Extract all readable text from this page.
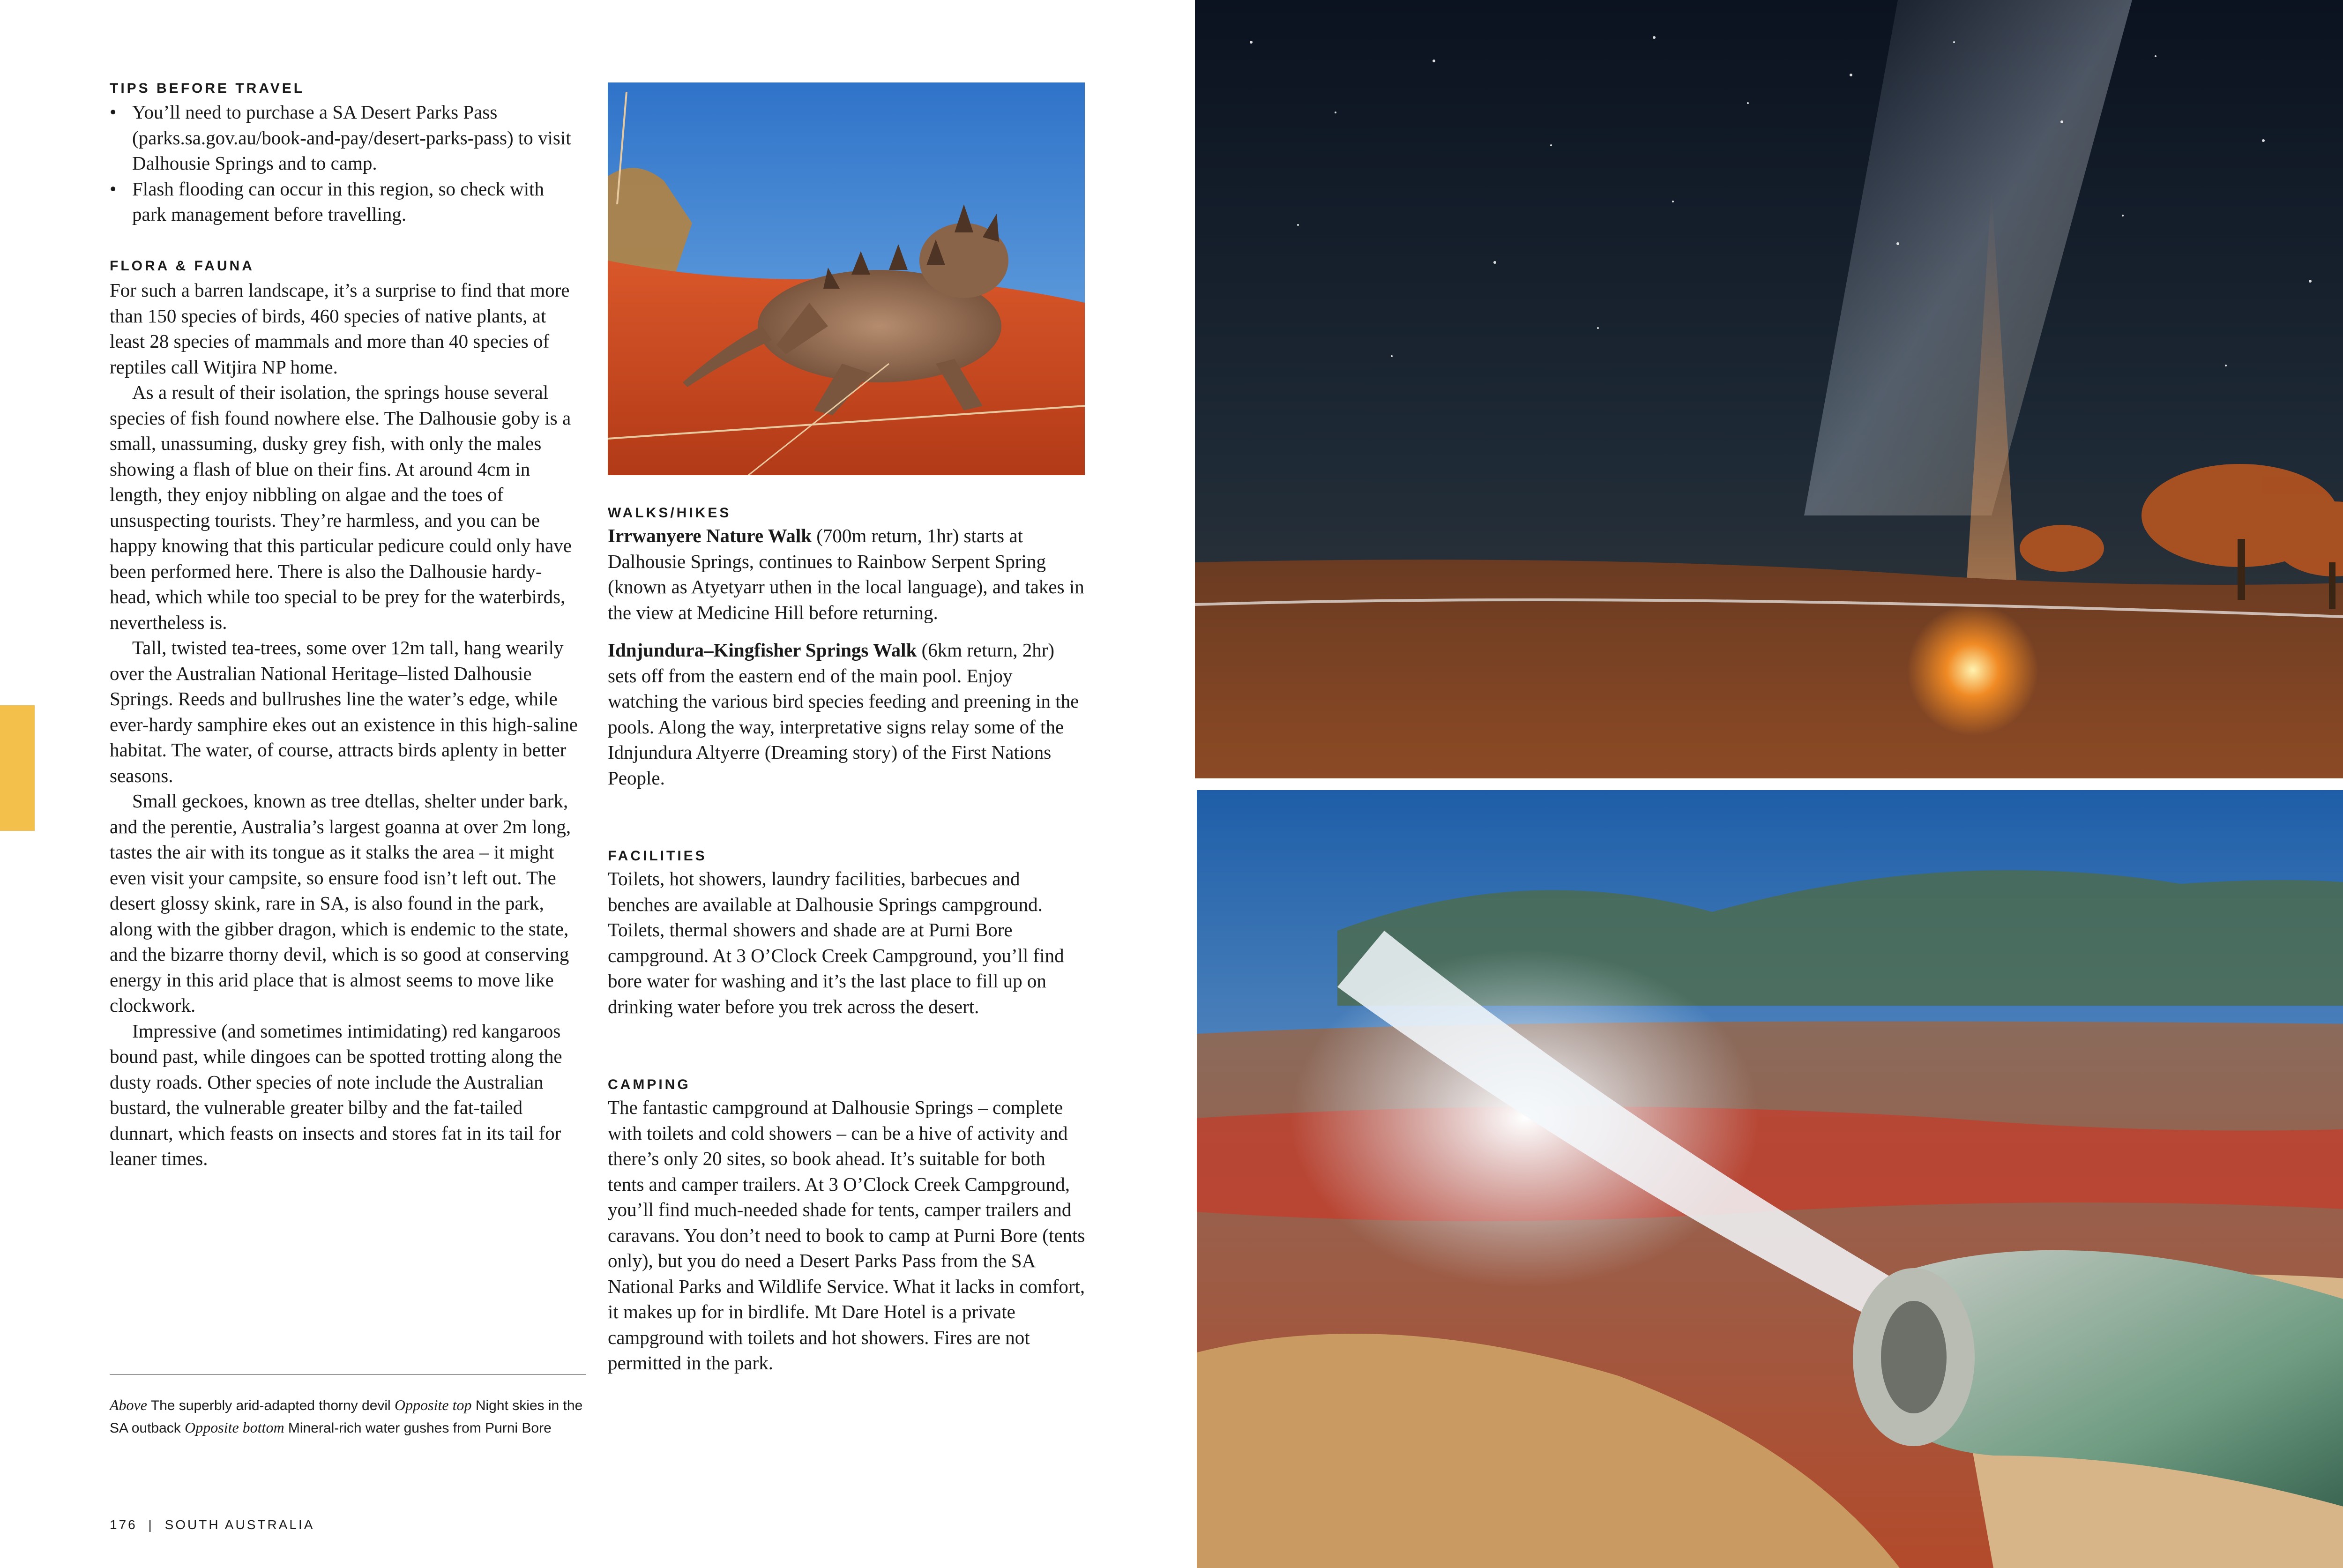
TIPS BEFORE TRAVEL

• You’ll need to purchase a SA Desert Parks Pass (parks.sa.gov.au/book-and-pay/desert-parks-pass) to visit Dalhousie Springs and to camp.

• Flash flooding can occur in this region, so check with park management before travelling.

FLORA & FAUNA

For such a barren landscape, it’s a surprise to find that more than 150 species of birds, 460 species of native plants, at least 28 species of mammals and more than 40 species of reptiles call Witjira NP home.

As a result of their isolation, the springs house several species of fish found nowhere else. The Dalhousie goby is a small, unassuming, dusky grey fish, with only the males showing a flash of blue on their fins. At around 4cm in length, they enjoy nibbling on algae and the toes of unsuspecting tourists. They’re harmless, and you can be happy knowing that this particular pedicure could only have been performed here. There is also the Dalhousie hardy-head, which while too special to be prey for the waterbirds, nevertheless is.

Tall, twisted tea-trees, some over 12m tall, hang wearily over the Australian National Heritage–listed Dalhousie Springs. Reeds and bullrushes line the water’s edge, while ever-hardy samphire ekes out an existence in this high-saline habitat. The water, of course, attracts birds aplenty in better seasons.

Small geckoes, known as tree dtellas, shelter under bark, and the perentie, Australia’s largest goanna at over 2m long, tastes the air with its tongue as it stalks the area – it might even visit your campsite, so ensure food isn’t left out. The desert glossy skink, rare in SA, is also found in the park, along with the gibber dragon, which is endemic to the state, and the bizarre thorny devil, which is so good at conserving energy in this arid place that is almost seems to move like clockwork.

Impressive (and sometimes intimidating) red kangaroos bound past, while dingoes can be spotted trotting along the dusty roads. Other species of note include the Australian bustard, the vulnerable greater bilby and the fat-tailed dunnart, which feasts on insects and stores fat in its tail for leaner times.

Above The superbly arid-adapted thorny devil Opposite top Night skies in the SA outback Opposite bottom Mineral-rich water gushes from Purni Bore
176 | SOUTH AUSTRALIA
WALKS/HIKES

Irrwanyere Nature Walk (700m return, 1hr) starts at Dalhousie Springs, continues to Rainbow Serpent Spring (known as Atyetyarr uthen in the local language), and takes in the view at Medicine Hill before returning.

Idnjundura–Kingfisher Springs Walk (6km return, 2hr) sets off from the eastern end of the main pool. Enjoy watching the various bird species feeding and preening in the pools. Along the way, interpretative signs relay some of the Idnjundura Altyerre (Dreaming story) of the First Nations People.

FACILITIES

Toilets, hot showers, laundry facilities, barbecues and benches are available at Dalhousie Springs campground. Toilets, thermal showers and shade are at Purni Bore campground. At 3 O’Clock Creek Campground, you’ll find bore water for washing and it’s the last place to fill up on drinking water before you trek across the desert.

CAMPING

The fantastic campground at Dalhousie Springs – complete with toilets and cold showers – can be a hive of activity and there’s only 20 sites, so book ahead. It’s suitable for both tents and camper trailers. At 3 O’Clock Creek Campground, you’ll find much-needed shade for tents, camper trailers and caravans. You don’t need to book to camp at Purni Bore (tents only), but you do need a Desert Parks Pass from the SA National Parks and Wildlife Service. What it lacks in comfort, it makes up for in birdlife. Mt Dare Hotel is a private campground with toilets and hot showers. Fires are not permitted in the park.
